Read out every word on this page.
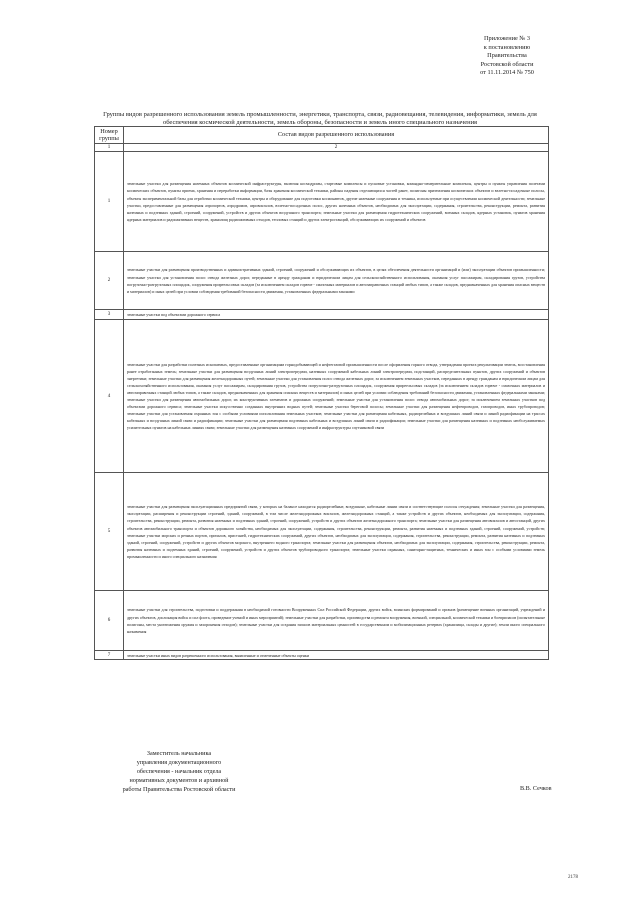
Приложение № 3
к постановлению
Правительства
Ростовской области
от 11.11.2014 № 750
Группы видов разрешенного использования земель промышленности, энергетики, транспорта, связи, радиовещания, телевидения, информатики, земель для обеспечения космической деятельности, земель обороны, безопасности и земель иного специального назначения
Номер группы	Состав видов разрешенного использования
1	2
1	земельные участки для размещения наземных объектов космической инфраструктуры, включая космодромы, стартовые комплексы и пусковые установки, командно-измерительные комплексы, центры и пункты управления полетами космических объектов, пункты приема, хранения и переработки информации, базы хранения космической техники, районы падения отделяющихся частей ракет, полигоны приземления космических объектов и взлетно-посадочные полосы, объекты экспериментальной базы для отработки космической техники, центры и оборудование для подготовки космонавтов, другие наземные сооружения и техника, используемые при осуществлении космической деятельности; земельные участки, предоставленные для размещения аэропортов, аэродромов, аэровокзалов, взлетно-посадочных полос, других наземных объектов, необходимых для эксплуатации, содержания, строительства, реконструкции, ремонта, развития наземных и подземных зданий, строений, сооружений, устройств и других объектов воздушного транспорта; земельные участки для размещения гидротехнических сооружений, военных складов, ядерных установок, пунктов хранения ядерных материалов и радиоактивных веществ, хранилищ радиоактивных отходов, тепловых станций и других электростанций, обслуживающих их сооружений и объектов
2	земельные участки для размещения производственных и административных зданий, строений, сооружений и обслуживающих их объектов, в целях обеспечения деятельности организаций и (или) эксплуатации объектов промышленности; земельные участки для установления полос отвода железных дорог, переданные в аренду гражданам и юридическим лицам для сельскохозяйственного использования, оказания услуг пассажирам, складирования грузов, устройства погрузочно-разгрузочных площадок, сооружения приреельсовых складов (за исключением складов горюче - смазочных материалов и автозаправочных станций любых типов, а также складов, предназначенных для хранения опасных веществ и материалов) и иных целей при условии соблюдения требований безопасности движения, установленных федеральными законами
3	земельные участки под объектами дорожного сервиса
4	земельные участки для разработки полезных ископаемых, предоставленные организациям горнодобывающей и нефтегазовой промышленности после оформления горного отвода, утверждения проекта рекультивации земель, восстановления ранее отработанных земель; земельные участки для размещения воздушных линий электропередачи, наземных сооружений кабельных линий электропередачи, подстанций, распределительных пунктов, других сооружений и объектов энергетики; земельные участки для размещения железнодорожных путей; земельные участки для установления полос отвода железных дорог, за исключением земельных участков, переданных в аренду гражданам и юридическим лицам для сельскохозяйственного использования, оказания услуг пассажирам, складирования грузов, устройства погрузочно-разгрузочных площадок, сооружения приреельсовых складов (за исключением складов горюче - смазочных материалов и автозаправочных станций любых типов, а также складов, предназначенных для хранения опасных веществ и материалов) и иных целей при условии соблюдения требований безопасности движения, установленных федеральными законами; земельные участки для размещения автомобильных дорог, их конструктивных элементов и дорожных сооружений; земельные участки для установления полос отвода автомобильных дорог; за исключением земельных участков под объектами дорожного сервиса; земельные участки искусственно созданных внутренних водных путей; земельные участки береговой полосы; земельные участки для размещения нефтепроводов, газопроводов, иных трубопроводов; земельные участки для установления охранных зон с особыми условиями использования земельных участков; земельные участки для размещения кабельных, радиорелейных и воздушных линий связи и линий радиофикации на трассах кабельных и воздушных линий связи и радиофикации; земельные участки для размещения подземных кабельных и воздушных линий связи и радиофикации; земельные участки для размещения наземных и подземных необслуживаемых усилительных пунктов на кабельных линиях связи; земельные участки для размещения наземных сооружений и инфраструктуры спутниковой связи
5	земельные участки для размещения эксплуатационных предприятий связи, у которых на балансе находятся радиорелейные, воздушные, кабельные линии связи и соответствующие полосы отчуждения; земельные участки для размещения, эксплуатации, расширения и реконструкции строений, зданий, сооружений, в том числе железнодорожных вокзалов, железнодорожных станций, а также устройств и других объектов, необходимых для эксплуатации, содержания, строительства, реконструкции, ремонта, развития наземных и подземных зданий, строений, сооружений, устройств и других объектов железнодорожного транспорта; земельные участки для размещения автовокзалов и автостанций, других объектов автомобильного транспорта и объектов дорожного хозяйства, необходимых для эксплуатации, содержания, строительства, реконструкции, ремонта, развития наземных и подземных зданий, строений, сооружений, устройств; земельные участки морских и речных портов, причалов, пристаней, гидротехнических сооружений, других объектов, необходимых для эксплуатации, содержания, строительства, реконструкции, ремонта, развития наземных и подземных зданий, строений, сооружений, устройств и других объектов морского, внутреннего водного транспорта; земельные участки для размещения объектов, необходимых для эксплуатации, содержания, строительства, реконструкции, ремонта, развития наземных и подземных зданий, строений, сооружений, устройств и других объектов трубопроводного транспорта; земельные участки охранных, санитарно-защитных, технических и иных зон с особыми условиями земель промышленности и иного специального назначения
6	земельные участки для строительства, подготовки и поддержания в необходимой готовности Вооруженных Сил Российской Федерации, других войск, воинских формирований и органов (размещение военных организаций, учреждений и других объектов, дислокация войск и сил флота, проведение учений и иных мероприятий); земельные участки для разработки, производства и ремонта вооружения, военной, специальной, космической техники и боеприпасов (испытательные полигоны, места уничтожения оружия и захоронения отходов); земельные участки для создания запасов материальных ценностей в государственном и мобилизационных резервах (хранилища, склады и другие); земли иного специального назначения
7	земельные участки иных видов разрешенного использования, выявленные и отмеченные объекты оценки
Заместитель начальника
управления документационного
обеспечения - начальник отдела
нормативных документов и архивной
работы Правительства Ростовской области	В.В. Сечков
2178
